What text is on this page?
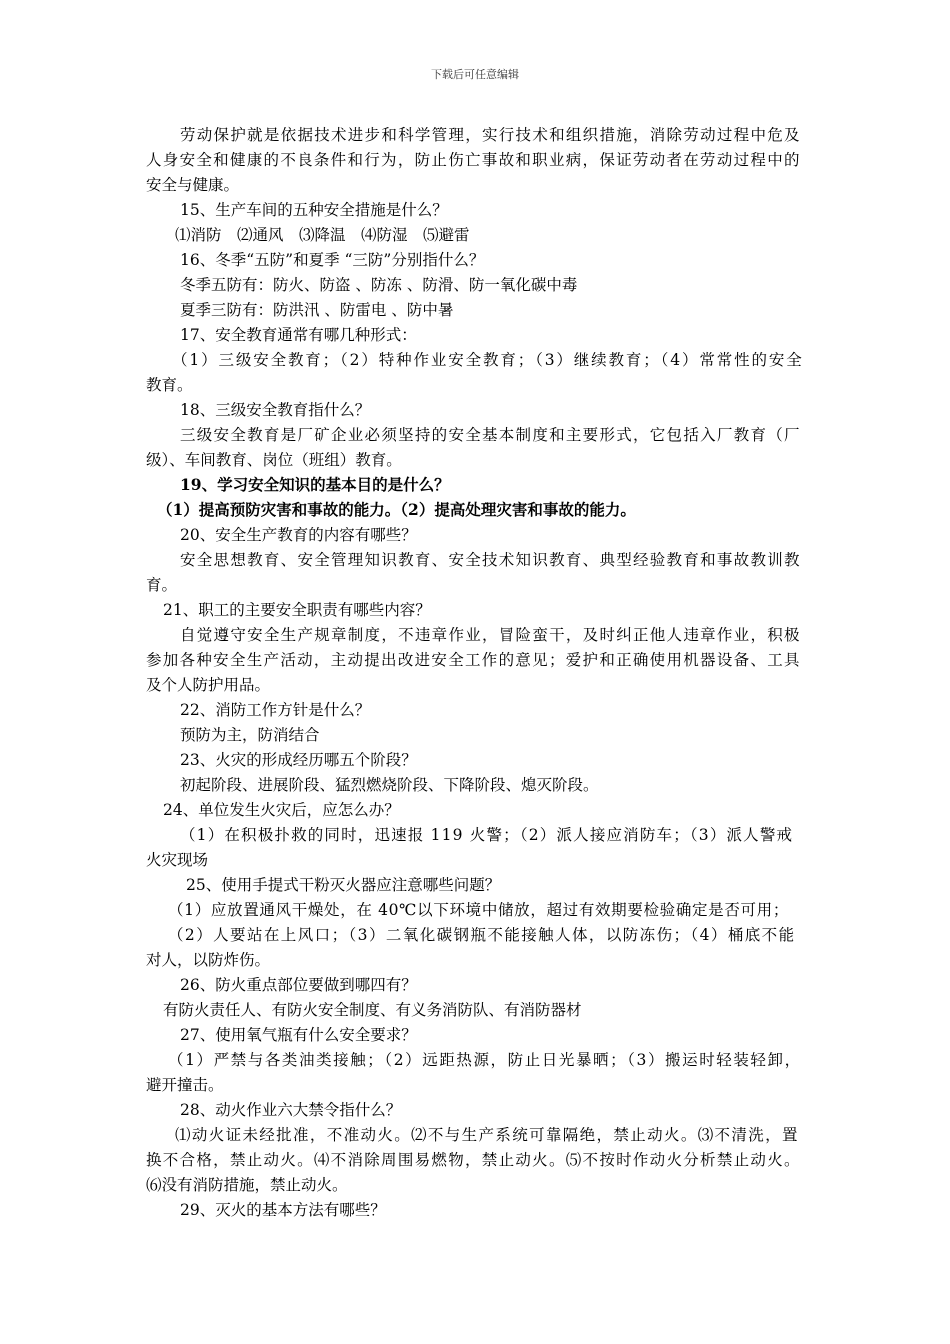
下载后可任意编辑
劳动保护就是依据技术进步和科学管理，实行技术和组织措施，消除劳动过程中危及
人身安全和健康的不良条件和行为，防止伤亡事故和职业病，保证劳动者在劳动过程中的
安全与健康。
15、生产车间的五种安全措施是什么？
⑴消防　⑵通风　⑶降温　⑷防湿　⑸避雷
16、冬季“五防”和夏季 “三防”分别指什么？
冬季五防有：防火、防盗 、防冻 、防滑、防一氧化碳中毒
夏季三防有：防洪汛 、防雷电 、防中暑
17、安全教育通常有哪几种形式：
（1）三级安全教育；（2）特种作业安全教育；（3）继续教育；（4）常常性的安全
教育。
18、三级安全教育指什么？
三级安全教育是厂矿企业必须坚持的安全基本制度和主要形式，它包括入厂教育（厂
级）、车间教育、岗位（班组）教育。
19、学习安全知识的基本目的是什么？
（1）提高预防灾害和事故的能力。（2）提高处理灾害和事故的能力。
20、安全生产教育的内容有哪些？
安全思想教育、安全管理知识教育、安全技术知识教育、典型经验教育和事故教训教
育。
21、职工的主要安全职责有哪些内容？
自觉遵守安全生产规章制度，不违章作业，冒险蛮干，及时纠正他人违章作业，积极
参加各种安全生产活动，主动提出改进安全工作的意见；爱护和正确使用机器设备、工具
及个人防护用品。
22、消防工作方针是什么？
预防为主，防消结合
23、火灾的形成经历哪五个阶段？
初起阶段、进展阶段、猛烈燃烧阶段、下降阶段、熄灭阶段。
24、单位发生火灾后，应怎么办？
（1）在积极扑救的同时，迅速报 119 火警；（2）派人接应消防车；（3）派人警戒
火灾现场
25、使用手提式干粉灭火器应注意哪些问题？
（1）应放置通风干燥处，在 40℃以下环境中储放，超过有效期要检验确定是否可用；
（2）人要站在上风口；（3）二氧化碳钢瓶不能接触人体，以防冻伤；（4）桶底不能
对人，以防炸伤。
26、防火重点部位要做到哪四有？
有防火责任人、有防火安全制度、有义务消防队、有消防器材
27、使用氧气瓶有什么安全要求？
（1）严禁与各类油类接触；（2）远距热源，防止日光暴晒；（3）搬运时轻装轻卸，
避开撞击。
28、动火作业六大禁令指什么？
⑴动火证未经批准，不准动火。⑵不与生产系统可靠隔绝，禁止动火。⑶不清洗，置
换不合格，禁止动火。⑷不消除周围易燃物，禁止动火。⑸不按时作动火分析禁止动火。
⑹没有消防措施，禁止动火。
29、灭火的基本方法有哪些？
